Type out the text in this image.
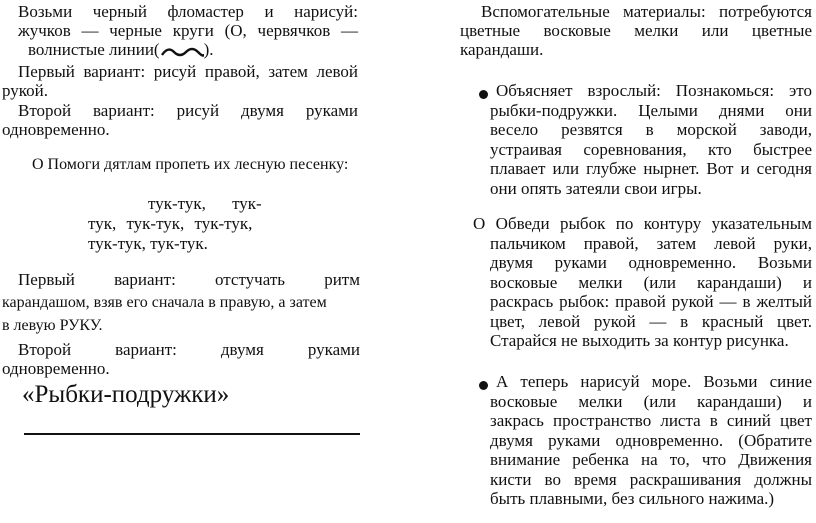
Возьми черный фломастер и нарисуй:

жучков — черные круги (О, червячков —

волнистые линии(	).

Первый вариант: рисуй правой, затем левой

рукой.

Второй вариант: рисуй двумя руками

одновременно.

О Помоги дятлам пропеть их лесную песенку:

тук-тук, тук-

тук, тук-тук, тук-тук,

тук-тук, тук-тук.

Первый вариант: отстучать ритм

карандашом, взяв его сначала в правую, а затем

в левую РУКУ.

Второй вариант: двумя руками

одновременно.

«Рыбки-подружки»

Вспомогательные материалы: потребуются

цветные восковые мелки или цветные

карандаши.

Объясняет взрослый: Познакомься: это

рыбки-подружки. Целыми днями они

весело резвятся в морской заводи,

устраивая соревнования, кто быстрее

плавает или глубже нырнет. Вот и сегодня

они опять затеяли свои игры.

О Обведи рыбок по контуру указательным

пальчиком правой, затем левой руки,

двумя руками одновременно. Возьми

восковые мелки (или карандаши) и

раскрась рыбок: правой рукой — в желтый

цвет, левой рукой — в красный цвет.

Старайся не выходить за контур рисунка.

А теперь нарисуй море. Возьми синие

восковые мелки (или карандаши) и

закрась пространство листа в синий цвет

двумя руками одновременно. (Обратите

внимание ребенка на то, что Движения

кисти во время раскрашивания должны

быть плавными, без сильного нажима.)
